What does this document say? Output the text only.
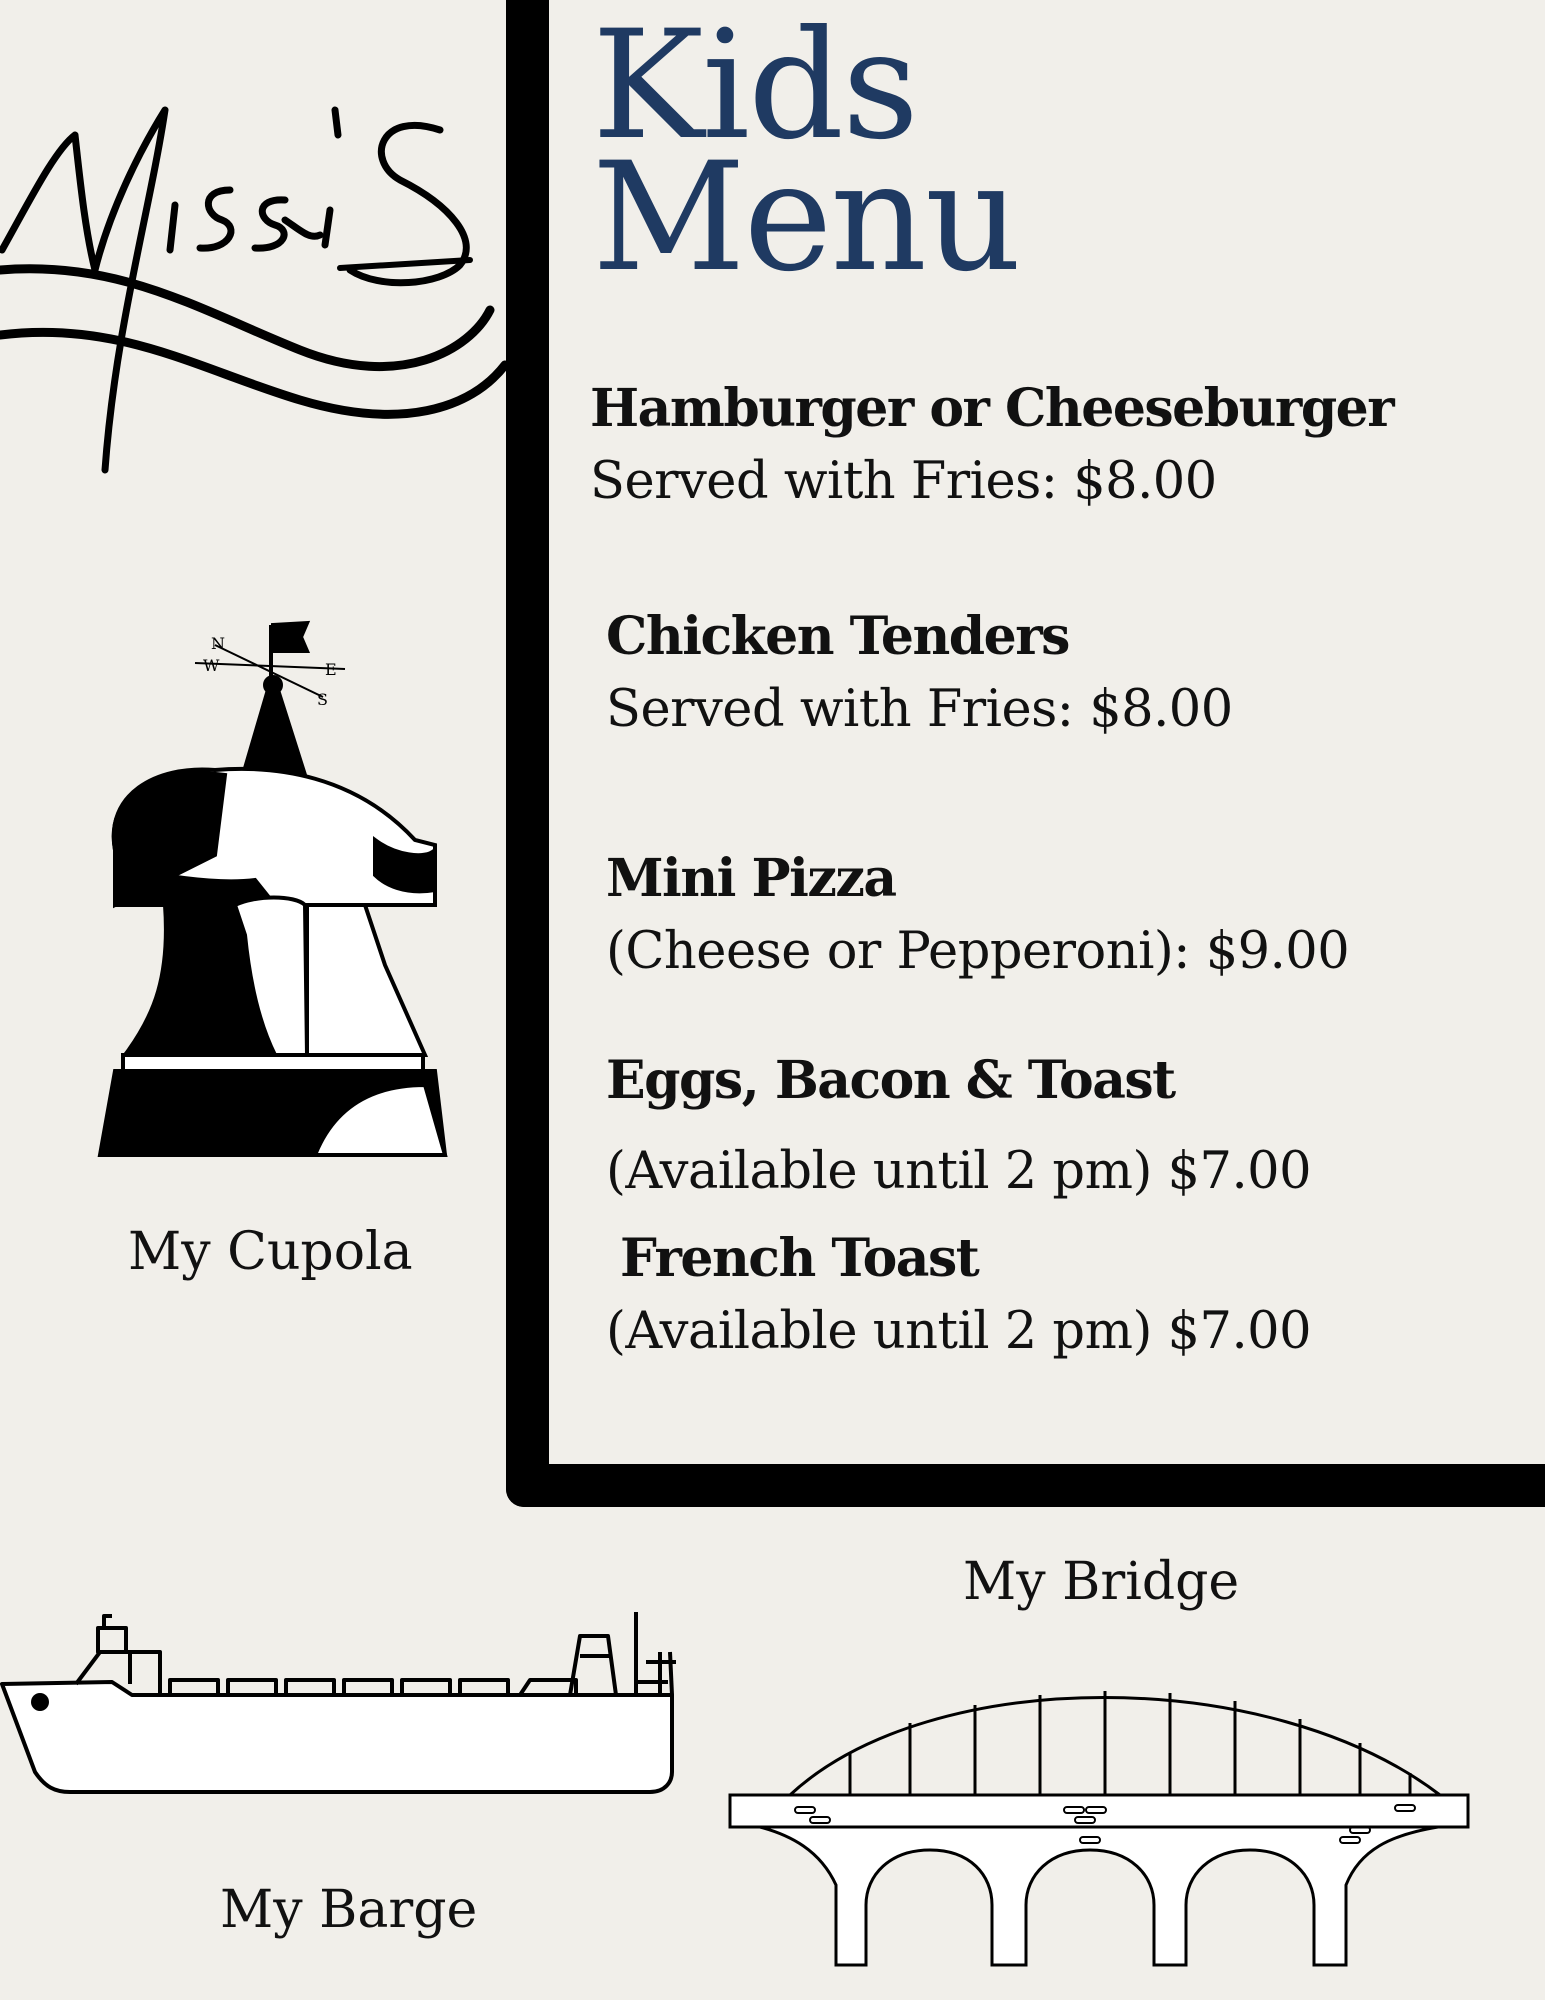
Kids
Menu
Hamburger or Cheeseburger
Served with Fries: $8.00
Chicken Tenders
Served with Fries: $8.00
Mini Pizza
(Cheese or Pepperoni): $9.00
Eggs, Bacon & Toast
(Available until 2 pm) $7.00
French Toast
(Available until 2 pm) $7.00
N
W	E
S
My Cupola
My Barge
My Bridge
